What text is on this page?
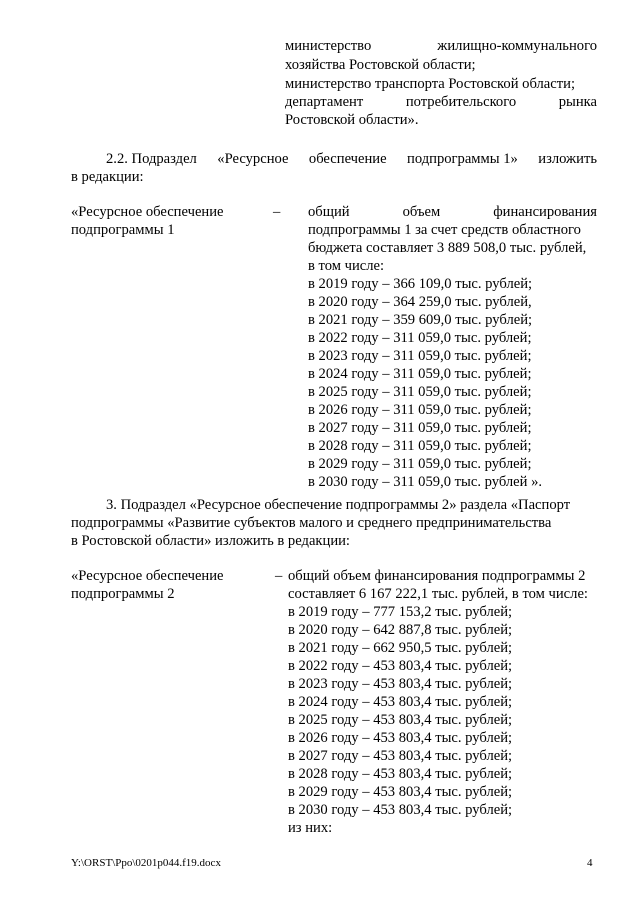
министерство	жилищно-коммунального
хозяйства Ростовской области;
министерство транспорта Ростовской области;
департамент	потребительского	рынка
Ростовской области».
2.2. Подраздел «Ресурсное обеспечение подпрограммы 1» изложить
в редакции:
«Ресурсное обеспечение
подпрограммы 1
– общий	объем	финансирования
подпрограммы 1 за счет средств областного
бюджета составляет 3 889 508,0 тыс. рублей,
в том числе:
в 2019 году – 366 109,0 тыс. рублей;
в 2020 году – 364 259,0 тыс. рублей,
в 2021 году – 359 609,0 тыс. рублей;
в 2022 году – 311 059,0 тыс. рублей;
в 2023 году – 311 059,0 тыс. рублей;
в 2024 году – 311 059,0 тыс. рублей;
в 2025 году – 311 059,0 тыс. рублей;
в 2026 году – 311 059,0 тыс. рублей;
в 2027 году – 311 059,0 тыс. рублей;
в 2028 году – 311 059,0 тыс. рублей;
в 2029 году – 311 059,0 тыс. рублей;
в 2030 году – 311 059,0 тыс. рублей ».
3. Подраздел «Ресурсное обеспечение подпрограммы 2» раздела «Паспорт
подпрограммы «Развитие субъектов малого и среднего предпринимательства
в Ростовской области» изложить в редакции:
«Ресурсное обеспечение
подпрограммы 2
– общий объем финансирования подпрограммы 2
составляет 6 167 222,1 тыс. рублей, в том числе:
в 2019 году – 777 153,2 тыс. рублей;
в 2020 году – 642 887,8 тыс. рублей;
в 2021 году – 662 950,5 тыс. рублей;
в 2022 году – 453 803,4 тыс. рублей;
в 2023 году – 453 803,4 тыс. рублей;
в 2024 году – 453 803,4 тыс. рублей;
в 2025 году – 453 803,4 тыс. рублей;
в 2026 году – 453 803,4 тыс. рублей;
в 2027 году – 453 803,4 тыс. рублей;
в 2028 году – 453 803,4 тыс. рублей;
в 2029 году – 453 803,4 тыс. рублей;
в 2030 году – 453 803,4 тыс. рублей;
из них:
Y:\ORST\Ppo\0201p044.f19.docx	4
